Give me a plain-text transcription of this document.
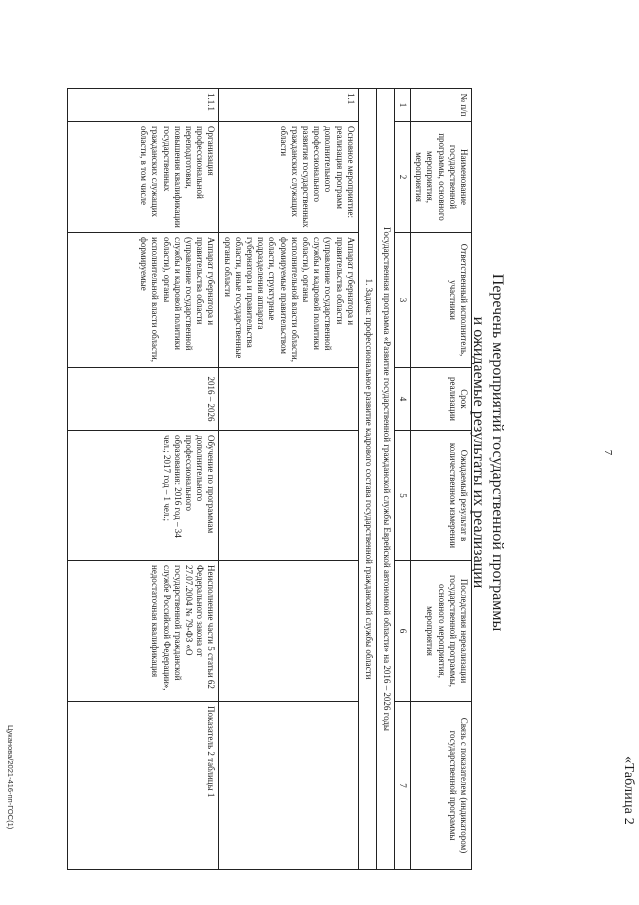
7
«Таблица 2
Перечень мероприятий государственной программы
и ожидаемые результаты их реализации
№ п/п	Наименование государственной программы, основного мероприятия, мероприятия	Ответственный исполнитель, участники	Срок реализации	Ожидаемый результат в количественном измерении	Последствия нереализации государственной программы, основного мероприятия, мероприятия	Связь с показателем (индикатором) государственной программы
1	2	3	4	5	6	7
Государственная программа «Развитие государственной гражданской службы Еврейской автономной области» на 2016 – 2026 годы						
1. Задача: профессиональное развитие кадрового состава государственной гражданской службы области						
1.1	Основное мероприятие: реализация программ дополнительного профессионального развития государственных гражданских служащих области	Аппарат губернатора и правительства области (управление государственной службы и кадровой политики области), органы исполнительной власти области, формируемые правительством области, структурные подразделения аппарата губернатора и правительства области, иные государственные органы области				
1.1.1	Организация профессиональной переподготовки, повышения квалификации государственных гражданских служащих области, в том числе	Аппарат губернатора и правительства области (управление государственной службы и кадровой политики области), органы исполнительной власти области, формируемые	2016 – 2026	Обучение по программам дополнительного профессионального образования: 2016 год – 34 чел.; 2017 год – 1 чел.;	Неисполнение части 5 статьи 62 Федерального закона от 27.07.2004 № 79-ФЗ «О государственной гражданской службе Российской Федерации», недостаточная квалификация	Показатель 2 таблицы 1
Цуканова/2021-416-пп-ГОС(1)
